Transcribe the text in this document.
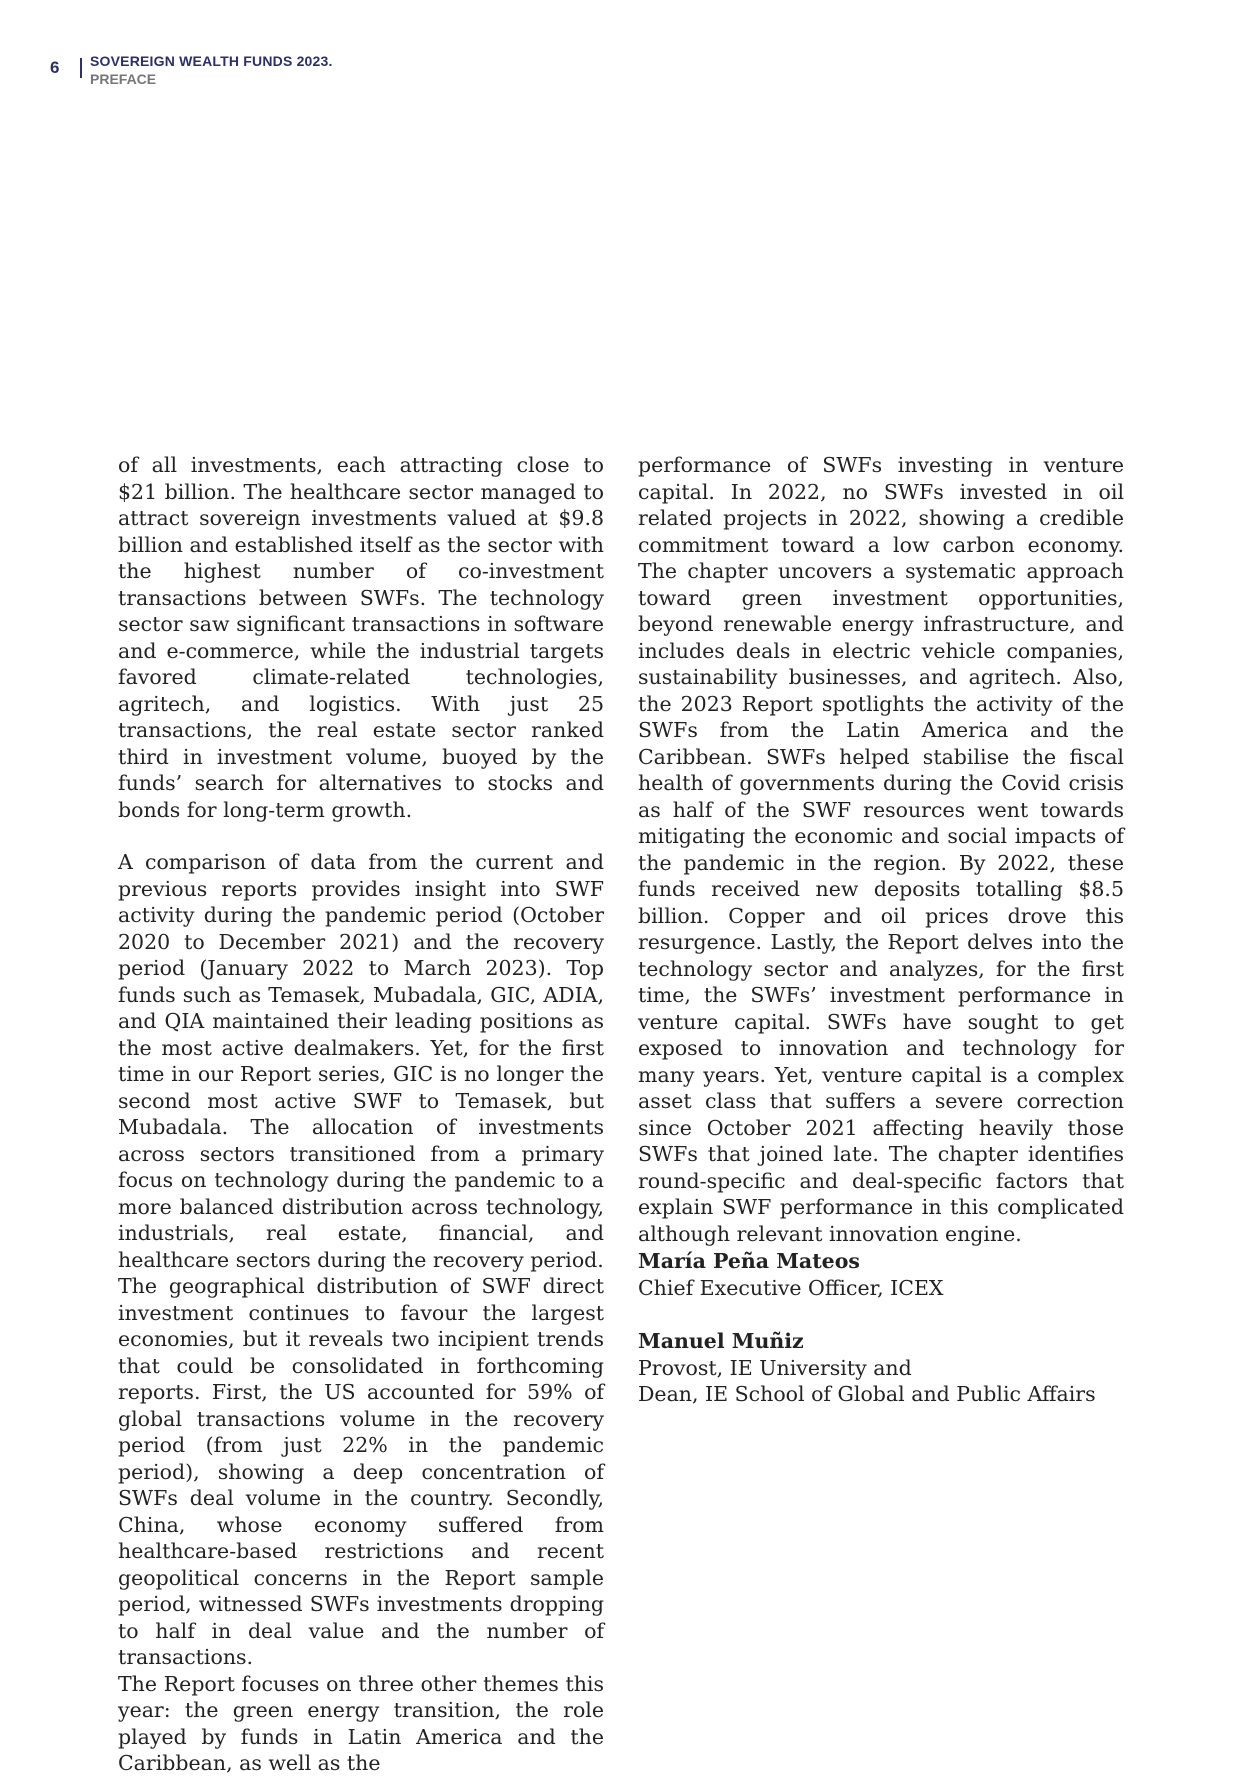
6 SOVEREIGN WEALTH FUNDS 2023.
PREFACE

of all investments, each attracting close to $21 billion. The healthcare sector managed to attract sovereign investments valued at $9.8 billion and established itself as the sector with the highest number of co-investment transactions between SWFs. The technology sector saw significant transactions in software and e-commerce, while the industrial targets favored climate-related technologies, agritech, and logistics. With just 25 transactions, the real estate sector ranked third in investment volume, buoyed by the funds’ search for alternatives to stocks and bonds for long-term growth.

A comparison of data from the current and previous reports provides insight into SWF activity during the pandemic period (October 2020 to December 2021) and the recovery period (January 2022 to March 2023). Top funds such as Temasek, Mubadala, GIC, ADIA, and QIA maintained their leading positions as the most active dealmakers. Yet, for the first time in our Report series, GIC is no longer the second most active SWF to Temasek, but Mubadala. The allocation of investments across sectors transitioned from a primary focus on technology during the pandemic to a more balanced distribution across technology, industrials, real estate, financial, and healthcare sectors during the recovery period.

The geographical distribution of SWF direct investment continues to favour the largest economies, but it reveals two incipient trends that could be consolidated in forthcoming reports. First, the US accounted for 59% of global transactions volume in the recovery period (from just 22% in the pandemic period), showing a deep concentration of SWFs deal volume in the country. Secondly, China, whose economy suffered from healthcare-based restrictions and recent geopolitical concerns in the Report sample period, witnessed SWFs investments dropping to half in deal value and the number of transactions.

The Report focuses on three other themes this year: the green energy transition, the role played by funds in Latin America and the Caribbean, as well as the

performance of SWFs investing in venture capital. In 2022, no SWFs invested in oil related projects in 2022, showing a credible commitment toward a low carbon economy. The chapter uncovers a systematic approach toward green investment opportunities, beyond renewable energy infrastructure, and includes deals in electric vehicle companies, sustainability businesses, and agritech. Also, the 2023 Report spotlights the activity of the SWFs from the Latin America and the Caribbean. SWFs helped stabilise the fiscal health of governments during the Covid crisis as half of the SWF resources went towards mitigating the economic and social impacts of the pandemic in the region. By 2022, these funds received new deposits totalling $8.5 billion. Copper and oil prices drove this resurgence. Lastly, the Report delves into the technology sector and analyzes, for the first time, the SWFs’ investment performance in venture capital. SWFs have sought to get exposed to innovation and technology for many years. Yet, venture capital is a complex asset class that suffers a severe correction since October 2021 affecting heavily those SWFs that joined late. The chapter identifies round-specific and deal-specific factors that explain SWF performance in this complicated although relevant innovation engine.

María Peña Mateos
Chief Executive Officer, ICEX
Manuel Muñiz
Provost, IE University and
Dean, IE School of Global and Public Affairs
